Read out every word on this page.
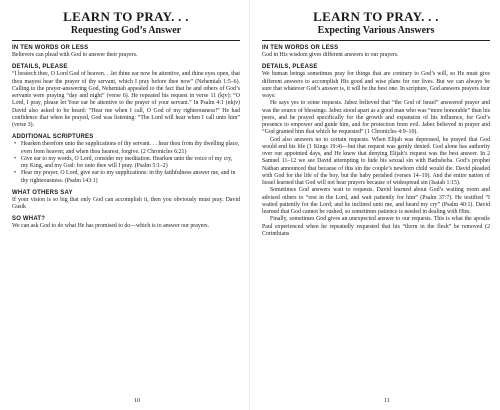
LEARN TO PRAY. . .
Requesting God’s Answer
IN TEN WORDS OR LESS

Believers can plead with God to answer their prayers.

DETAILS, PLEASE

“I beseech thee, O Lord God of heaven. . .let thine ear now be attentive, and thine eyes open, that thou mayest hear the prayer of thy servant, which I pray before thee now” (Nehemiah 1:5–6). Calling to the prayer-answering God, Nehemiah appealed to the fact that he and others of God’s servants were praying “day and night” (verse 6). He repeated his request in verse 11 (kjv): “O Lord, I pray, please let Your ear be attentive to the prayer of your servant.” In Psalm 4:1 (nkjv) David also asked to be heard: “Hear me when I call, O God of my righteousness!” He had confidence that when he prayed, God was listening: “The Lord will hear when I call unto him” (verse 3).

ADDITIONAL SCRIPTURES
• Hearken therefore unto the supplications of thy servant. . . hear thou from thy dwelling place, even from heaven; and when thou hearest, forgive. (2 Chronicles 6:21)
• Give ear to my words, O Lord, consider my meditation. Hearken unto the voice of my cry, my King, and my God: for unto thee will I pray. (Psalm 5:1–2)
• Hear my prayer, O Lord, give ear to my supplications: in thy faithfulness answer me, and in thy righteousness. (Psalm 143:1)
WHAT OTHERS SAY

If your vision is so big that only God can accomplish it, then you obviously must pray. David Gusik

SO WHAT?

We can ask God to do what He has promised to do—which is to answer our prayers.

10
LEARN TO PRAY. . .
Expecting Various Answers
IN TEN WORDS OR LESS

God in His wisdom gives different answers to our prayers.

DETAILS, PLEASE

We human beings sometimes pray for things that are contrary to God’s will, so He must give different answers to accomplish His good and wise plans for our lives. But we can always be sure that whatever God’s answer is, it will be the best one. In scripture, God answers prayers four ways:

He says yes to some requests. Jabez believed that “the God of Israel” answered prayer and was the source of blessings. Jabez stood apart as a good man who was “more honorable” than his peers, and he prayed specifically for the growth and expansion of his influence, for God’s presence to empower and guide him, and for protection from evil. Jabez believed in prayer and “God granted him that which he requested” (1 Chronicles 4:9–10).

God also answers no to certain requests. When Elijah was depressed, he prayed that God would end his life (1 Kings 19:4)—but that request was gently denied. God alone has authority over our appointed days, and He knew that denying Elijah’s request was the best answer. In 2 Samuel 11–12 we see David attempting to hide his sexual sin with Bathsheba. God’s prophet Nathan announced that because of this sin the couple’s newborn child would die. David pleaded with God for the life of the boy, but the baby perished (verses 14–19). And the entire nation of Israel learned that God will not hear prayers because of widespread sin (Isaiah 1:15).

Sometimes God answers wait to requests. David learned about God’s waiting room and advised others to “rest in the Lord, and wait patiently for him” (Psalm 37:7). He testified “I waited patiently for the Lord; and he inclined unto me, and heard my cry” (Psalm 40:1). David learned that God cannot be rushed, so sometimes patience is needed in dealing with Him.

Finally, sometimes God gives an unexpected answer to our requests. This is what the apostle Paul experienced when he repeatedly requested that his “thorn in the flesh” be removed (2 Corinthians

11
